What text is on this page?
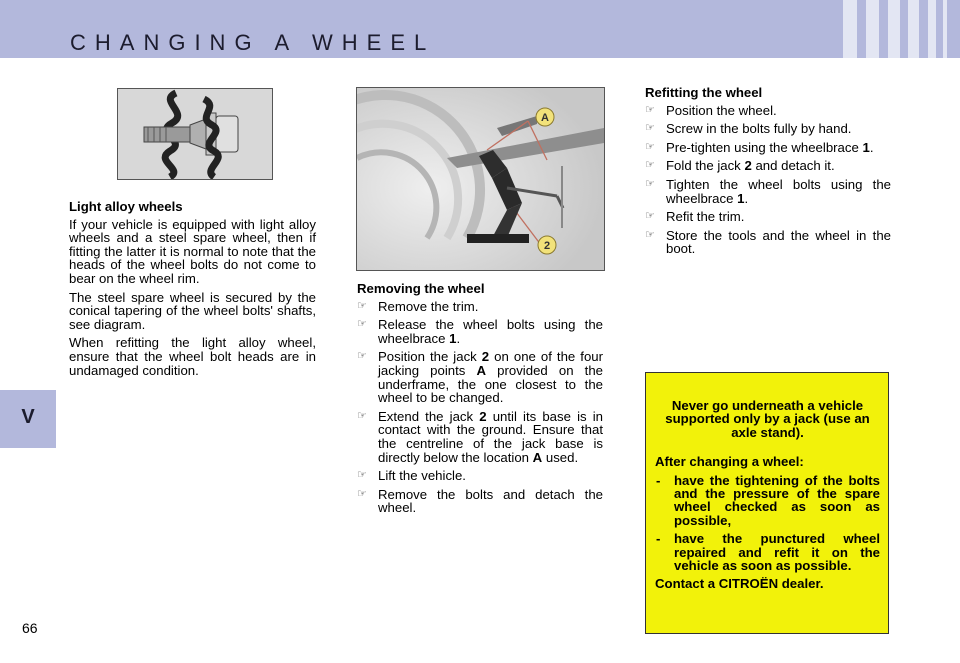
CHANGING A WHEEL
V
66
A
2
Light alloy wheels

If your vehicle is equipped with light alloy wheels and a steel spare wheel, then if fitting the latter it is normal to note that the heads of the wheel bolts do not come to bear on the wheel rim.

The steel spare wheel is secured by the conical tapering of the wheel bolts' shafts, see diagram.

When refitting the light alloy wheel, ensure that the wheel bolt heads are in undamaged condition.

Removing the wheel
☞ Remove the trim.
☞ Release the wheel bolts using the wheelbrace 1.
☞ Position the jack 2 on one of the four jacking points A provided on the underframe, the one closest to the wheel to be changed.
☞ Extend the jack 2 until its base is in contact with the ground. Ensure that the centreline of the jack base is directly below the location A used.
☞ Lift the vehicle.
☞ Remove the bolts and detach the wheel.
Refitting the wheel
☞ Position the wheel.
☞ Screw in the bolts fully by hand.
☞ Pre-tighten using the wheelbrace 1.
☞ Fold the jack 2 and detach it.
☞ Tighten the wheel bolts using the wheelbrace 1.
☞ Refit the trim.
☞ Store the tools and the wheel in the boot.

Never go underneath a vehicle supported only by a jack (use an axle stand).

After changing a wheel:

- have the tightening of the bolts and the pressure of the spare wheel checked as soon as possible,
- have the punctured wheel repaired and refit it on the vehicle as soon as possible.

Contact a CITROËN dealer.
